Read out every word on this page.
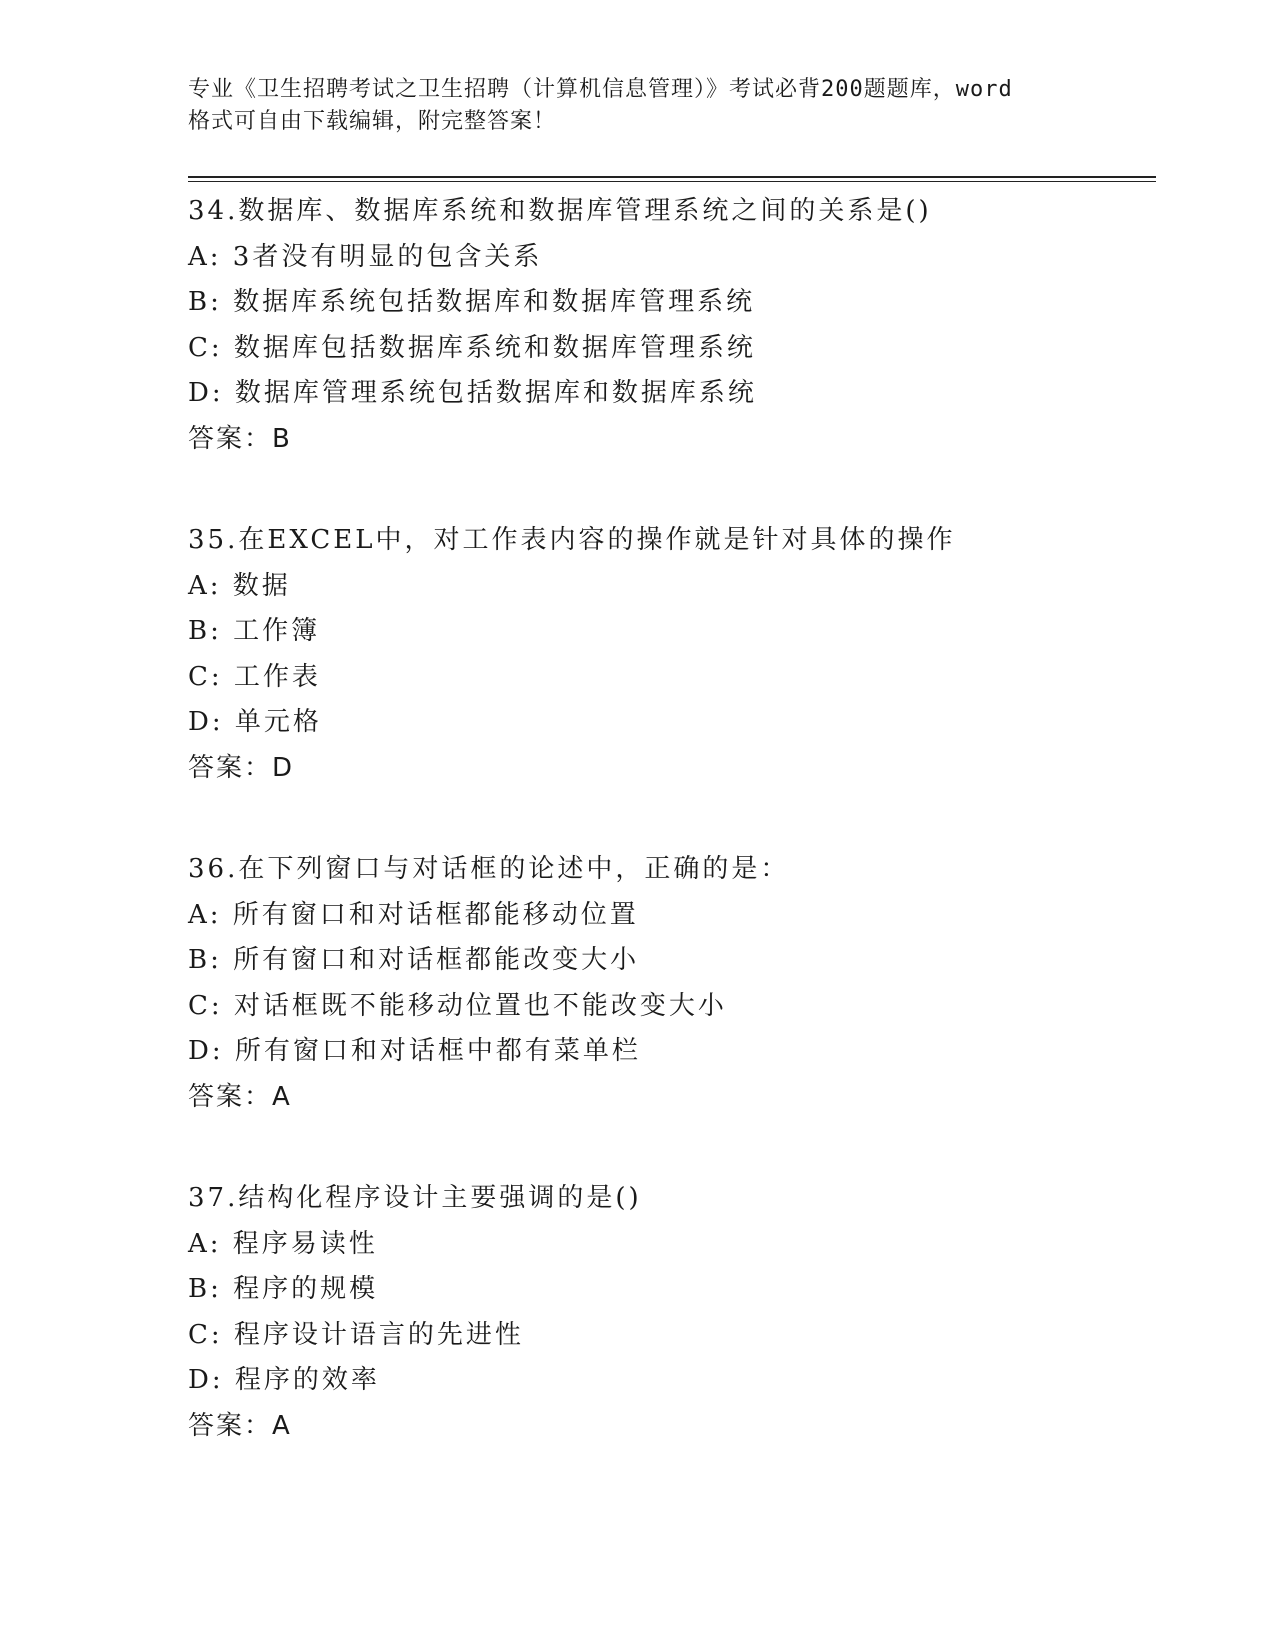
专业《卫生招聘考试之卫生招聘（计算机信息管理）》考试必背200题题库，word
格式可自由下载编辑，附完整答案！
34.数据库、数据库系统和数据库管理系统之间的关系是()
A: 3者没有明显的包含关系
B: 数据库系统包括数据库和数据库管理系统
C: 数据库包括数据库系统和数据库管理系统
D: 数据库管理系统包括数据库和数据库系统
答案：B
35.在EXCEL中，对工作表内容的操作就是针对具体的操作
A: 数据
B: 工作簿
C: 工作表
D: 单元格
答案：D
36.在下列窗口与对话框的论述中，正确的是：
A: 所有窗口和对话框都能移动位置
B: 所有窗口和对话框都能改变大小
C: 对话框既不能移动位置也不能改变大小
D: 所有窗口和对话框中都有菜单栏
答案：A
37.结构化程序设计主要强调的是()
A: 程序易读性
B: 程序的规模
C: 程序设计语言的先进性
D: 程序的效率
答案：A
